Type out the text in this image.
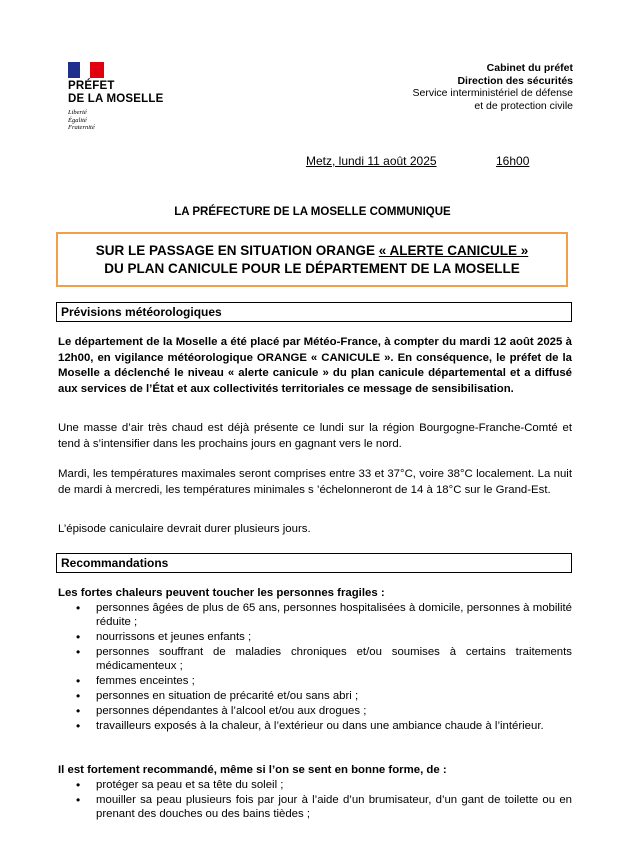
PRÉFET
DE LA MOSELLE
Liberté
Égalité
Fraternité
Cabinet du préfet
Direction des sécurités
Service interministériel de défense
et de protection civile
Metz, lundi 11 août 2025	16h00
LA PRÉFECTURE DE LA MOSELLE COMMUNIQUE
SUR LE PASSAGE EN SITUATION ORANGE « ALERTE CANICULE »
DU PLAN CANICULE POUR LE DÉPARTEMENT DE LA MOSELLE
Prévisions météorologiques
Le département de la Moselle a été placé par Météo-France, à compter du mardi 12 août 2025 à 12h00, en vigilance météorologique ORANGE « CANICULE ». En conséquence, le préfet de la Moselle a déclenché le niveau « alerte canicule » du plan canicule départemental et a diffusé aux services de l’État et aux collectivités territoriales ce message de sensibilisation.
Une masse d’air très chaud est déjà présente ce lundi sur la région Bourgogne-Franche-Comté et tend à s’intensifier dans les prochains jours en gagnant vers le nord.
Mardi, les températures maximales seront comprises entre 33 et 37°C, voire 38°C localement. La nuit de mardi à mercredi, les températures minimales s ’échelonneront de 14 à 18°C sur le Grand-Est.
L’épisode caniculaire devrait durer plusieurs jours.
Recommandations
Les fortes chaleurs peuvent toucher les personnes fragiles :
• personnes âgées de plus de 65 ans, personnes hospitalisées à domicile, personnes à mobilité réduite ;
• nourrissons et jeunes enfants ;
• personnes souffrant de maladies chroniques et/ou soumises à certains traitements médicamenteux ;
• femmes enceintes ;
• personnes en situation de précarité et/ou sans abri ;
• personnes dépendantes à l’alcool et/ou aux drogues ;
• travailleurs exposés à la chaleur, à l’extérieur ou dans une ambiance chaude à l’intérieur.
Il est fortement recommandé, même si l’on se sent en bonne forme, de :
• protéger sa peau et sa tête du soleil ;
• mouiller sa peau plusieurs fois par jour à l’aide d’un brumisateur, d’un gant de toilette ou en prenant des douches ou des bains tièdes ;
